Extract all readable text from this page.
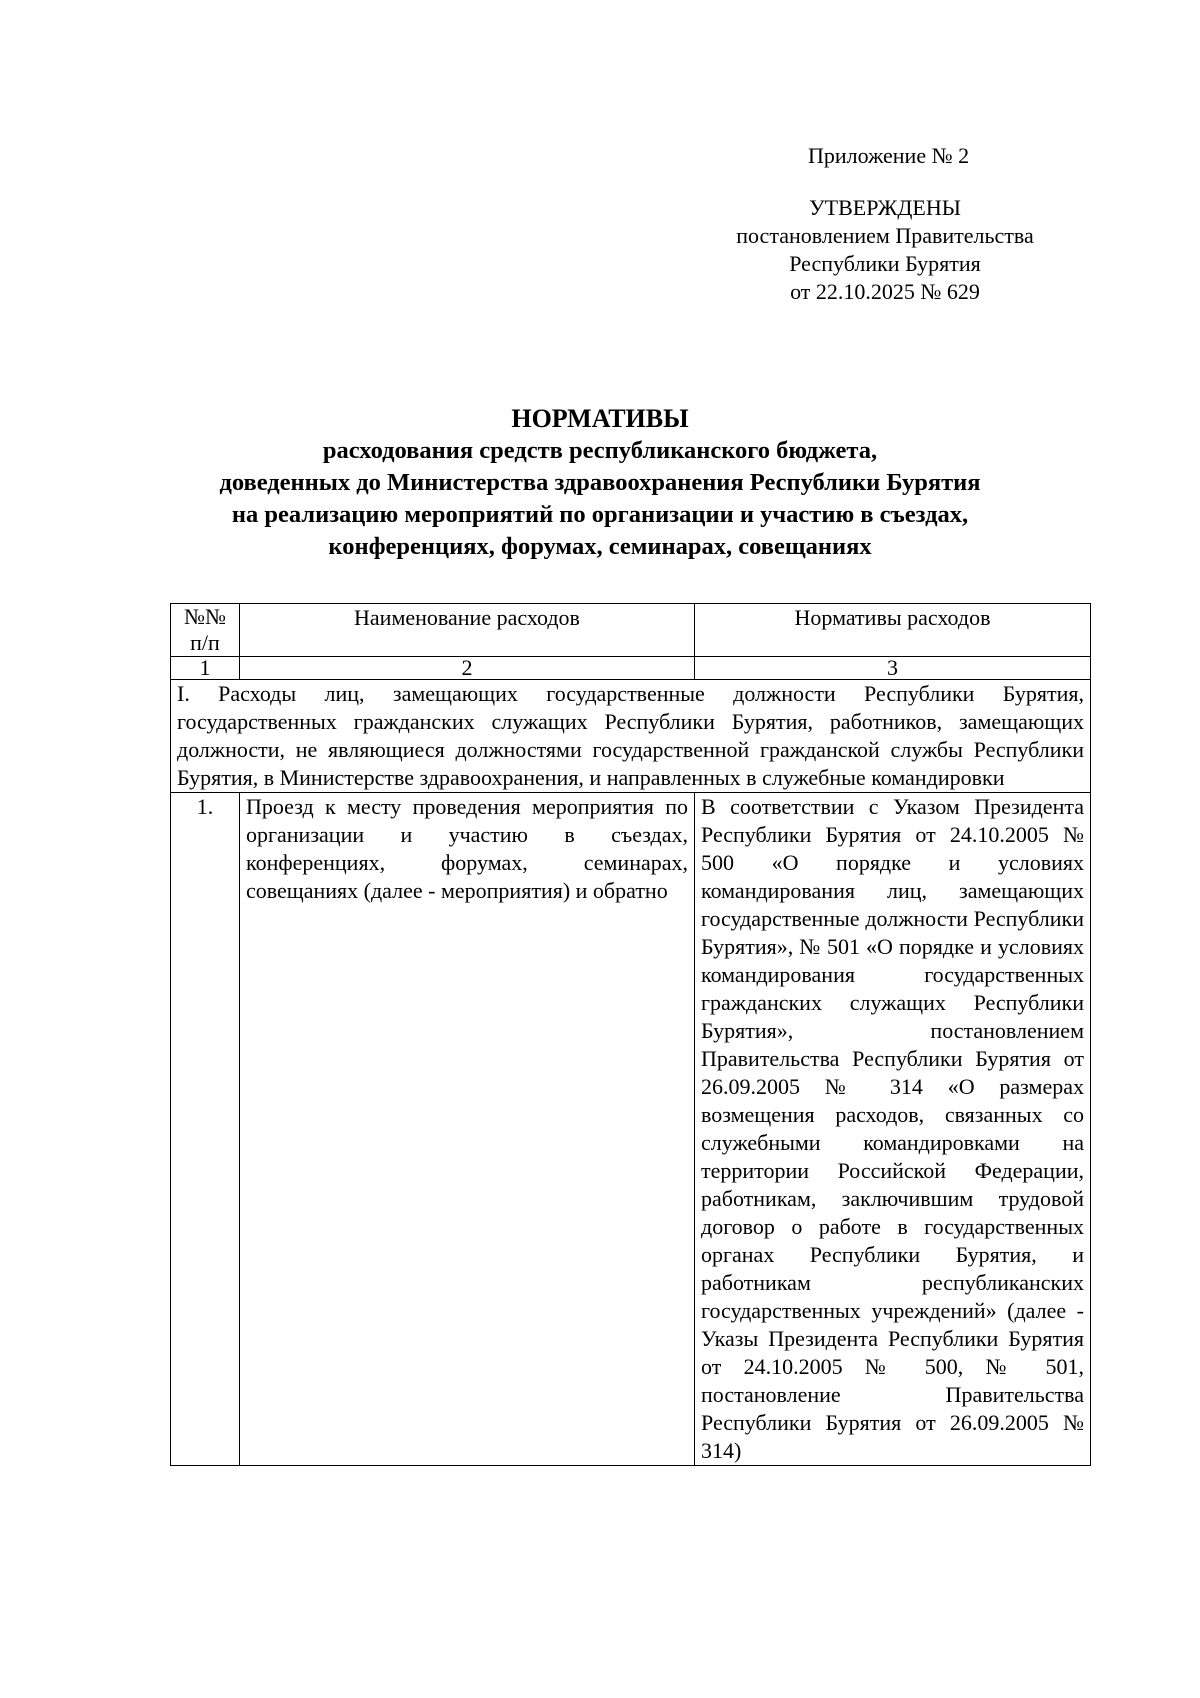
Приложение № 2
УТВЕРЖДЕНЫ
постановлением Правительства
Республики Бурятия
от 22.10.2025 № 629
НОРМАТИВЫ
расходования средств республиканского бюджета,
доведенных до Министерства здравоохранения Республики Бурятия
на реализацию мероприятий по организации и участию в съездах,
конференциях, форумах, семинарах, совещаниях
№№
п/п	Наименование расходов	Нормативы расходов
1	2	3
I. Расходы лиц, замещающих государственные должности Республики Бурятия, государственных гражданских служащих Республики Бурятия, работников, замещающих должности, не являющиеся должностями государственной гражданской службы Республики Бурятия, в Министерстве здравоохранения, и направленных в служебные командировки		
1.	Проезд к месту проведения мероприятия по организации и участию в съездах, конференциях, форумах, семинарах, совещаниях (далее - мероприятия) и обратно	В соответствии с Указом Президента Республики Бурятия от 24.10.2005 № 500 «О порядке и условиях командирования лиц, замещающих государственные должности Республики Бурятия», № 501 «О порядке и условиях командирования государственных гражданских служащих Республики Бурятия», постановлением Правительства Республики Бурятия от 26.09.2005 № 314 «О размерах возмещения расходов, связанных со служебными командировками на территории Российской Федерации, работникам, заключившим трудовой договор о работе в государственных органах Республики Бурятия, и работникам республиканских государственных учреждений» (далее - Указы Президента Республики Бурятия от 24.10.2005 № 500, № 501, постановление Правительства Республики Бурятия от 26.09.2005 № 314)
